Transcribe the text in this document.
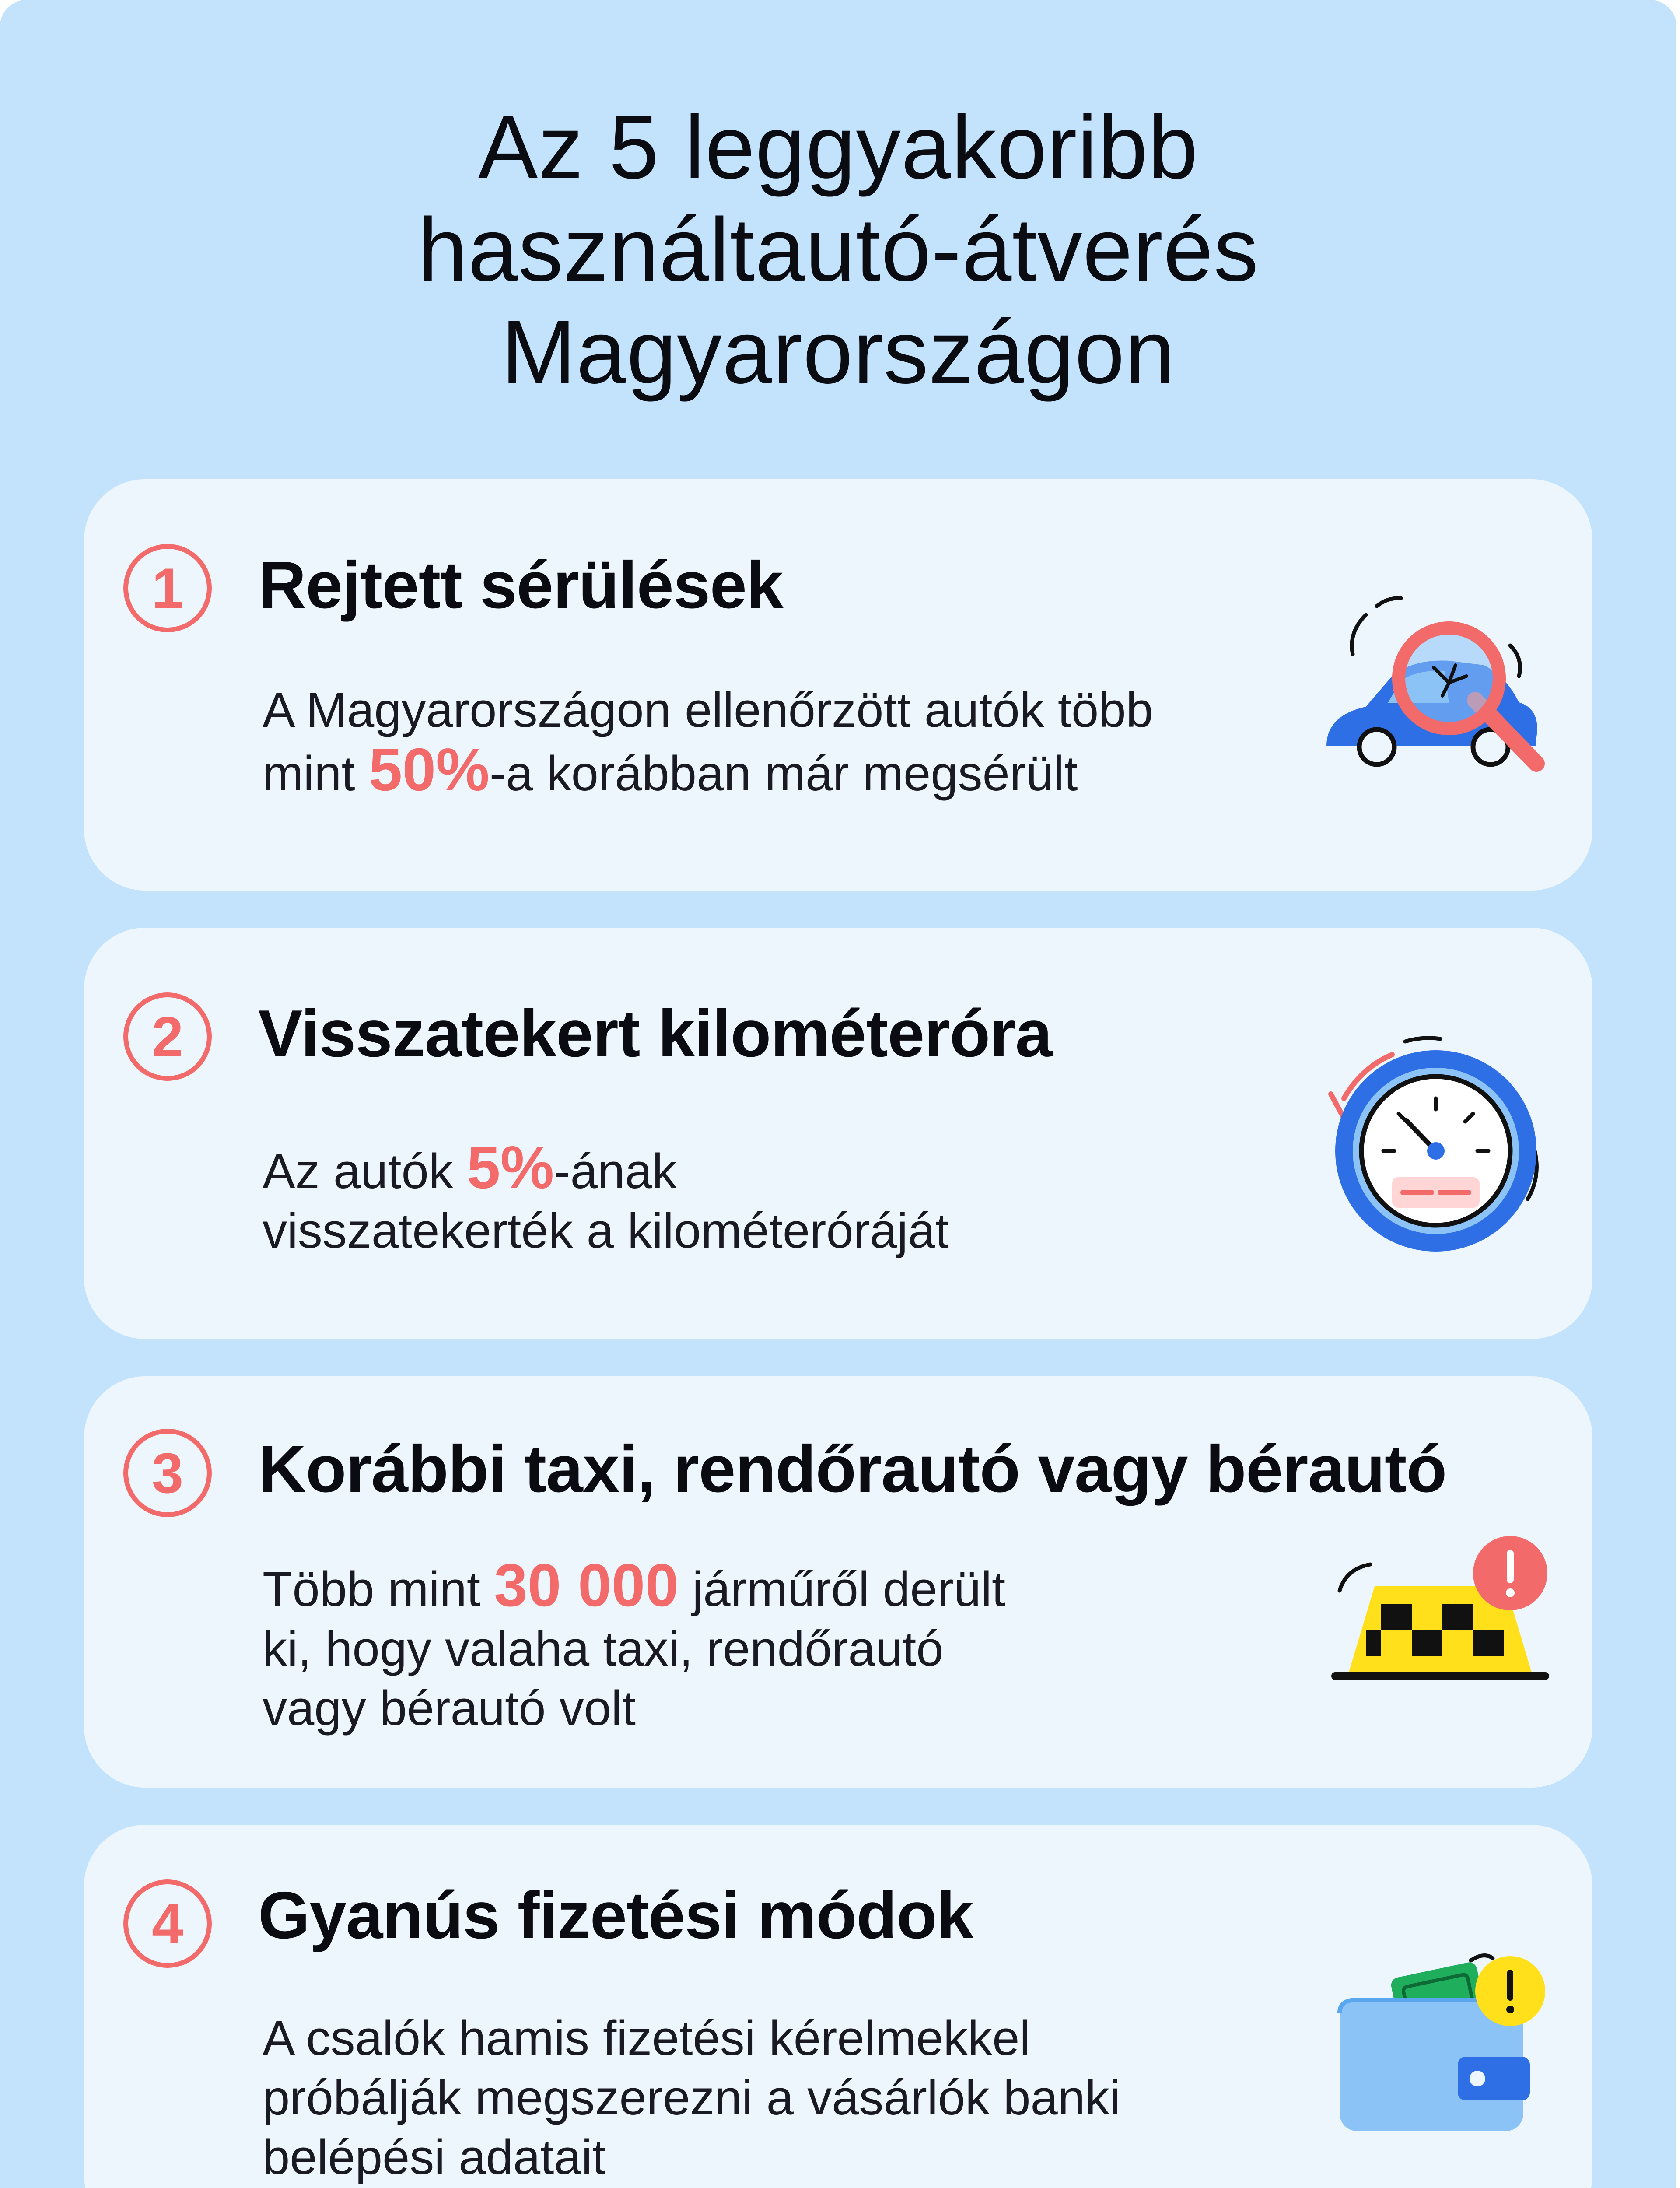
Az 5 leggyakoribb
használtautó-átverés
Magyarországon
1	Rejtett sérülések
A Magyarországon ellenőrzött autók több
mint 50%-a korábban már megsérült
2	Visszatekert kilométeróra
Az autók 5%-ának
visszatekerték a kilométeróráját
3	Korábbi taxi, rendőrautó vagy bérautó
Több mint 30 000 járműről derült
ki, hogy valaha taxi, rendőrautó
vagy bérautó volt
4	Gyanús fizetési módok
A csalók hamis fizetési kérelmekkel
próbálják megszerezni a vásárlók banki
belépési adatait
